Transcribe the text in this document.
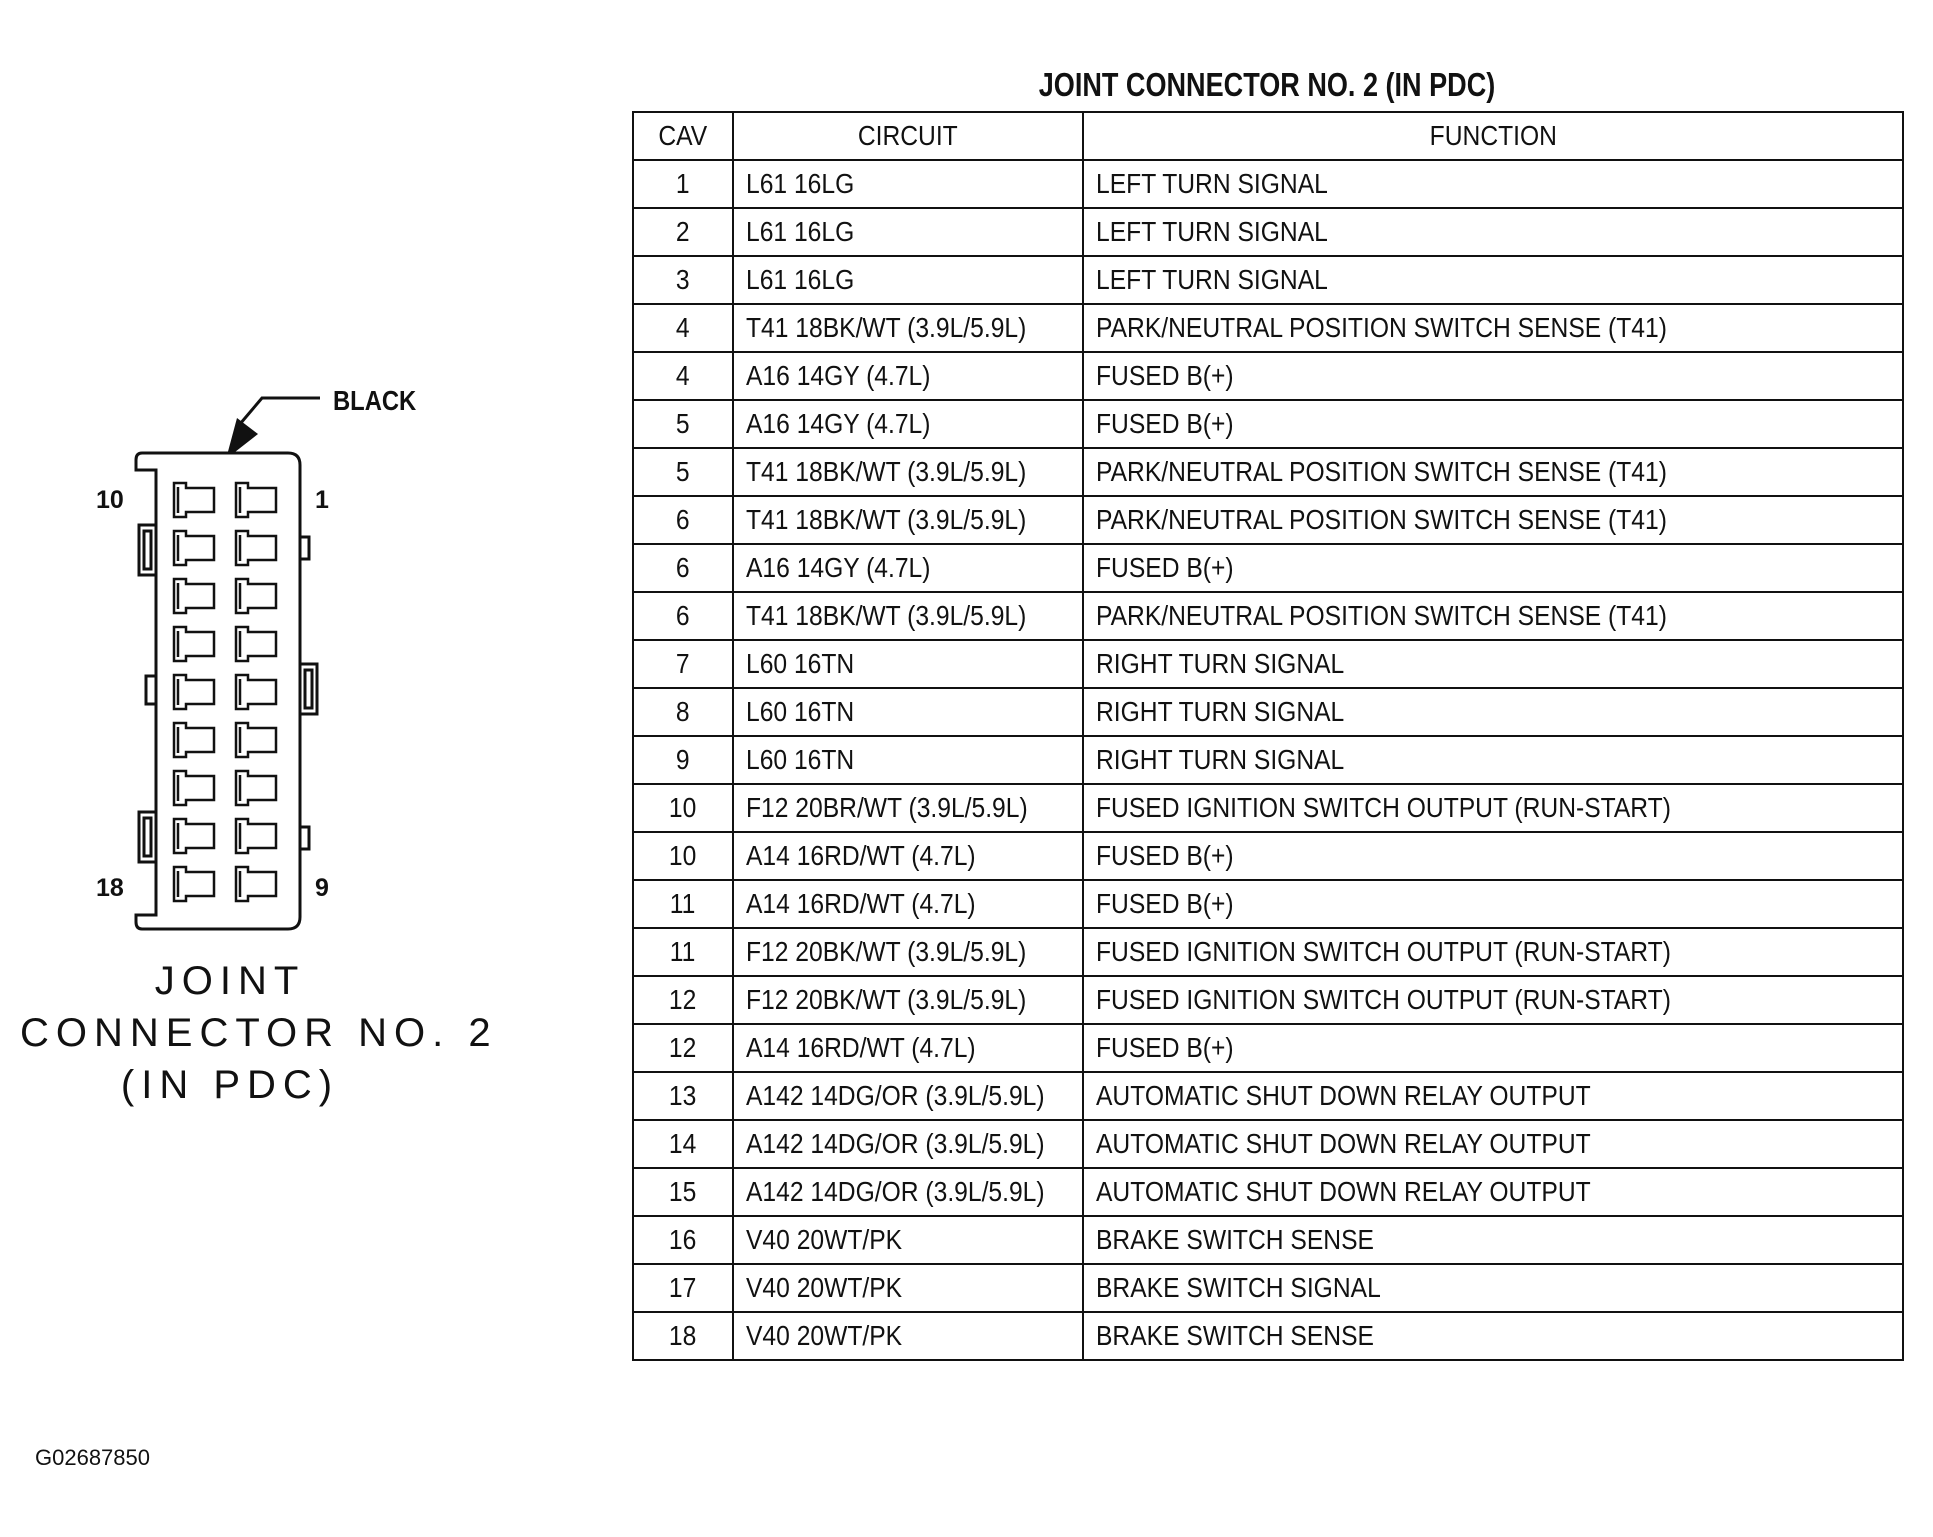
BLACK
10	1
18	9
JOINT
CONNECTOR NO. 2
(IN PDC)
JOINT CONNECTOR NO. 2 (IN PDC)
CAV	CIRCUIT	FUNCTION
1	L61 16LG	LEFT TURN SIGNAL
2	L61 16LG	LEFT TURN SIGNAL
3	L61 16LG	LEFT TURN SIGNAL
4	T41 18BK/WT (3.9L/5.9L)	PARK/NEUTRAL POSITION SWITCH SENSE (T41)
4	A16 14GY (4.7L)	FUSED B(+)
5	A16 14GY (4.7L)	FUSED B(+)
5	T41 18BK/WT (3.9L/5.9L)	PARK/NEUTRAL POSITION SWITCH SENSE (T41)
6	T41 18BK/WT (3.9L/5.9L)	PARK/NEUTRAL POSITION SWITCH SENSE (T41)
6	A16 14GY (4.7L)	FUSED B(+)
6	T41 18BK/WT (3.9L/5.9L)	PARK/NEUTRAL POSITION SWITCH SENSE (T41)
7	L60 16TN	RIGHT TURN SIGNAL
8	L60 16TN	RIGHT TURN SIGNAL
9	L60 16TN	RIGHT TURN SIGNAL
10	F12 20BR/WT (3.9L/5.9L)	FUSED IGNITION SWITCH OUTPUT (RUN-START)
10	A14 16RD/WT (4.7L)	FUSED B(+)
11	A14 16RD/WT (4.7L)	FUSED B(+)
11	F12 20BK/WT (3.9L/5.9L)	FUSED IGNITION SWITCH OUTPUT (RUN-START)
12	F12 20BK/WT (3.9L/5.9L)	FUSED IGNITION SWITCH OUTPUT (RUN-START)
12	A14 16RD/WT (4.7L)	FUSED B(+)
13	A142 14DG/OR (3.9L/5.9L)	AUTOMATIC SHUT DOWN RELAY OUTPUT
14	A142 14DG/OR (3.9L/5.9L)	AUTOMATIC SHUT DOWN RELAY OUTPUT
15	A142 14DG/OR (3.9L/5.9L)	AUTOMATIC SHUT DOWN RELAY OUTPUT
16	V40 20WT/PK	BRAKE SWITCH SENSE
17	V40 20WT/PK	BRAKE SWITCH SIGNAL
18	V40 20WT/PK	BRAKE SWITCH SENSE
G02687850
